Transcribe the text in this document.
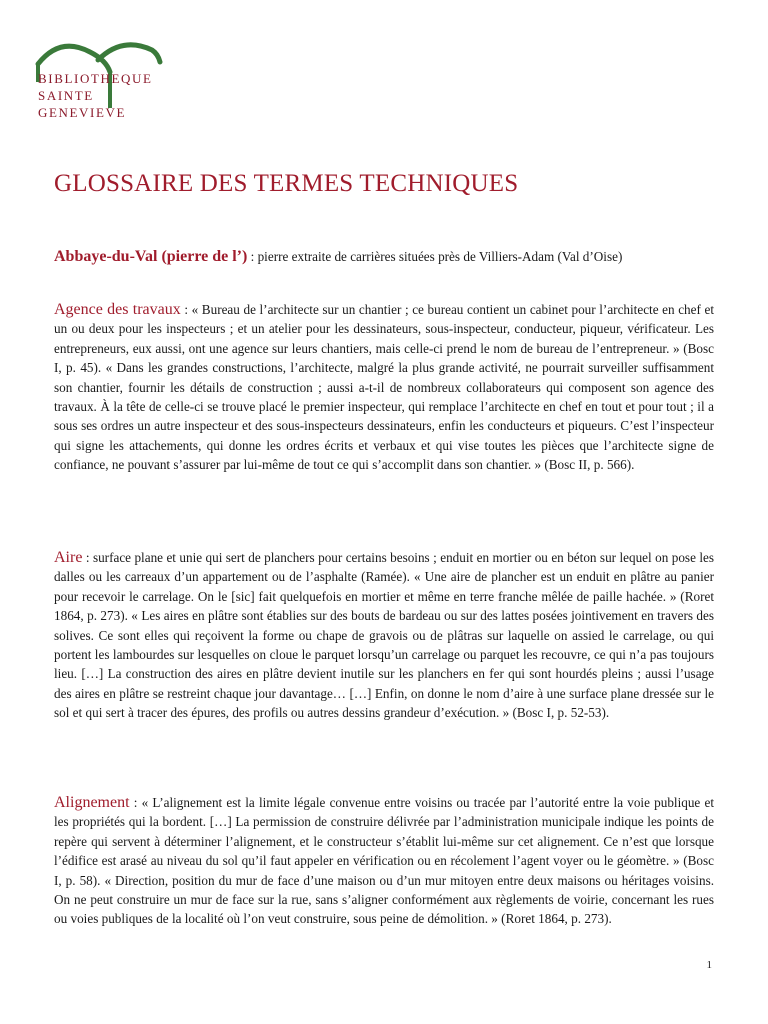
BIBLIOTHEQUE
SAINTE
GENEVIEVE
GLOSSAIRE DES TERMES TECHNIQUES

Abbaye-du-Val (pierre de l’) : pierre extraite de carrières situées près de Villiers-Adam (Val d’Oise)

Agence des travaux : « Bureau de l’architecte sur un chantier ; ce bureau contient un cabinet pour l’architecte en chef et un ou deux pour les inspecteurs ; et un atelier pour les dessinateurs, sous-inspecteur, conducteur, piqueur, vérificateur. Les entrepreneurs, eux aussi, ont une agence sur leurs chantiers, mais celle-ci prend le nom de bureau de l’entrepreneur. » (Bosc I, p. 45). « Dans les grandes constructions, l’architecte, malgré la plus grande activité, ne pourrait surveiller suffisamment son chantier, fournir les détails de construction ; aussi a-t-il de nombreux collaborateurs qui composent son agence des travaux. À la tête de celle-ci se trouve placé le premier inspecteur, qui remplace l’architecte en chef en tout et pour tout ; il a sous ses ordres un autre inspecteur et des sous-inspecteurs dessinateurs, enfin les conducteurs et piqueurs. C’est l’inspecteur qui signe les attachements, qui donne les ordres écrits et verbaux et qui vise toutes les pièces que l’architecte signe de confiance, ne pouvant s’assurer par lui-même de tout ce qui s’accomplit dans son chantier. » (Bosc II, p. 566).

Aire : surface plane et unie qui sert de planchers pour certains besoins ; enduit en mortier ou en béton sur lequel on pose les dalles ou les carreaux d’un appartement ou de l’asphalte (Ramée). « Une aire de plancher est un enduit en plâtre au panier pour recevoir le carrelage. On le [sic] fait quelquefois en mortier et même en terre franche mêlée de paille hachée. » (Roret 1864, p. 273). « Les aires en plâtre sont établies sur des bouts de bardeau ou sur des lattes posées jointivement en travers des solives. Ce sont elles qui reçoivent la forme ou chape de gravois ou de plâtras sur laquelle on assied le carrelage, ou qui portent les lambourdes sur lesquelles on cloue le parquet lorsqu’un carrelage ou parquet les recouvre, ce qui n’a pas toujours lieu. […] La construction des aires en plâtre devient inutile sur les planchers en fer qui sont hourdés pleins ; aussi l’usage des aires en plâtre se restreint chaque jour davantage… […] Enfin, on donne le nom d’aire à une surface plane dressée sur le sol et qui sert à tracer des épures, des profils ou autres dessins grandeur d’exécution. » (Bosc I, p. 52-53).

Alignement : « L’alignement est la limite légale convenue entre voisins ou tracée par l’autorité entre la voie publique et les propriétés qui la bordent. […] La permission de construire délivrée par l’administration municipale indique les points de repère qui servent à déterminer l’alignement, et le constructeur s’établit lui-même sur cet alignement. Ce n’est que lorsque l’édifice est arasé au niveau du sol qu’il faut appeler en vérification ou en récolement l’agent voyer ou le géomètre. » (Bosc I, p. 58). « Direction, position du mur de face d’une maison ou d’un mur mitoyen entre deux maisons ou héritages voisins. On ne peut construire un mur de face sur la rue, sans s’aligner conformément aux règlements de voirie, concernant les rues ou voies publiques de la localité où l’on veut construire, sous peine de démolition. » (Roret 1864, p. 273).

1
